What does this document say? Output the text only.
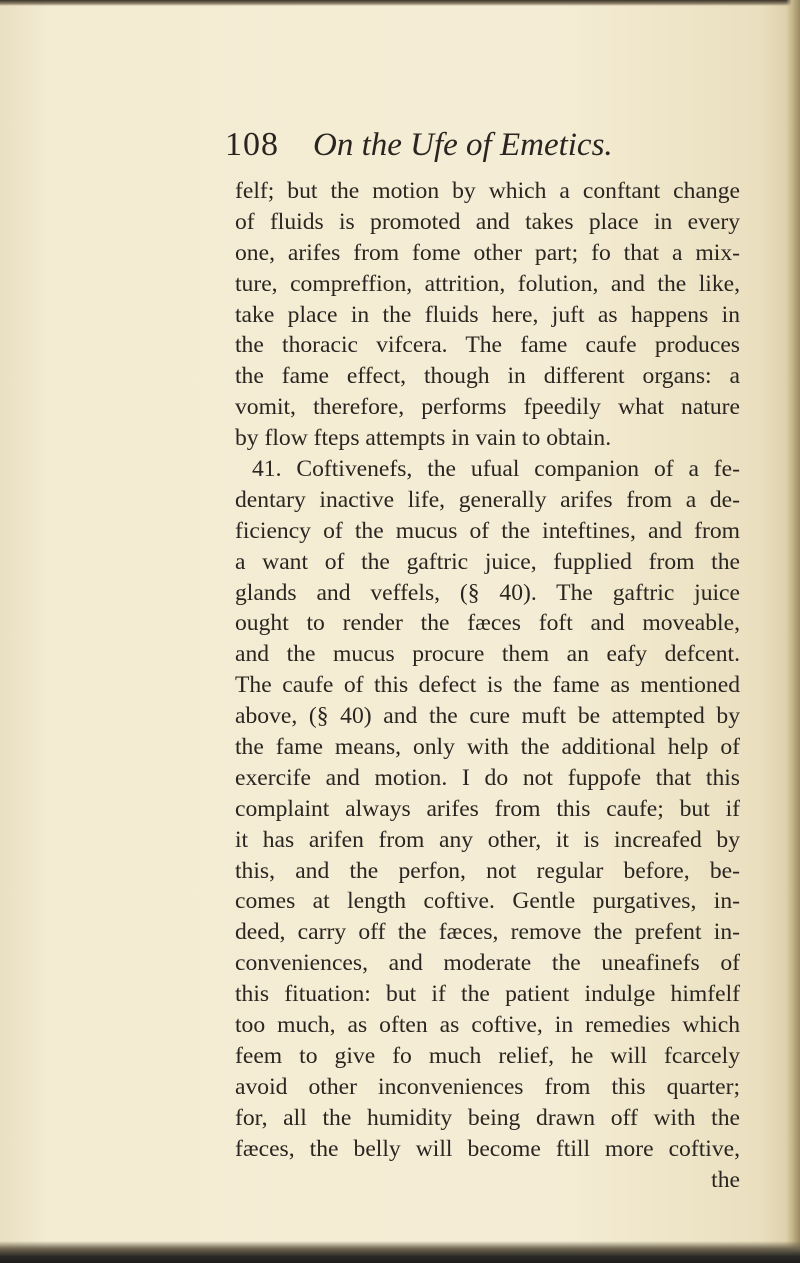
108 On the Ufe of Emetics.
felf; but the motion by which a conftant change
of fluids is promoted and takes place in every
one, arifes from fome other part; fo that a mix-
ture, compreffion, attrition, folution, and the like,
take place in the fluids here, juft as happens in
the thoracic vifcera. The fame caufe produces
the fame effect, though in different organs: a
vomit, therefore, performs fpeedily what nature
by flow fteps attempts in vain to obtain.
41. Coftivenefs, the ufual companion of a fe-
dentary inactive life, generally arifes from a de-
ficiency of the mucus of the inteftines, and from
a want of the gaftric juice, fupplied from the
glands and veffels, (§ 40). The gaftric juice
ought to render the fæces foft and moveable,
and the mucus procure them an eafy defcent.
The caufe of this defect is the fame as mentioned
above, (§ 40) and the cure muft be attempted by
the fame means, only with the additional help of
exercife and motion. I do not fuppofe that this
complaint always arifes from this caufe; but if
it has arifen from any other, it is increafed by
this, and the perfon, not regular before, be-
comes at length coftive. Gentle purgatives, in-
deed, carry off the fæces, remove the prefent in-
conveniences, and moderate the uneafinefs of
this fituation: but if the patient indulge himfelf
too much, as often as coftive, in remedies which
feem to give fo much relief, he will fcarcely
avoid other inconveniences from this quarter;
for, all the humidity being drawn off with the
fæces, the belly will become ftill more coftive,
the
